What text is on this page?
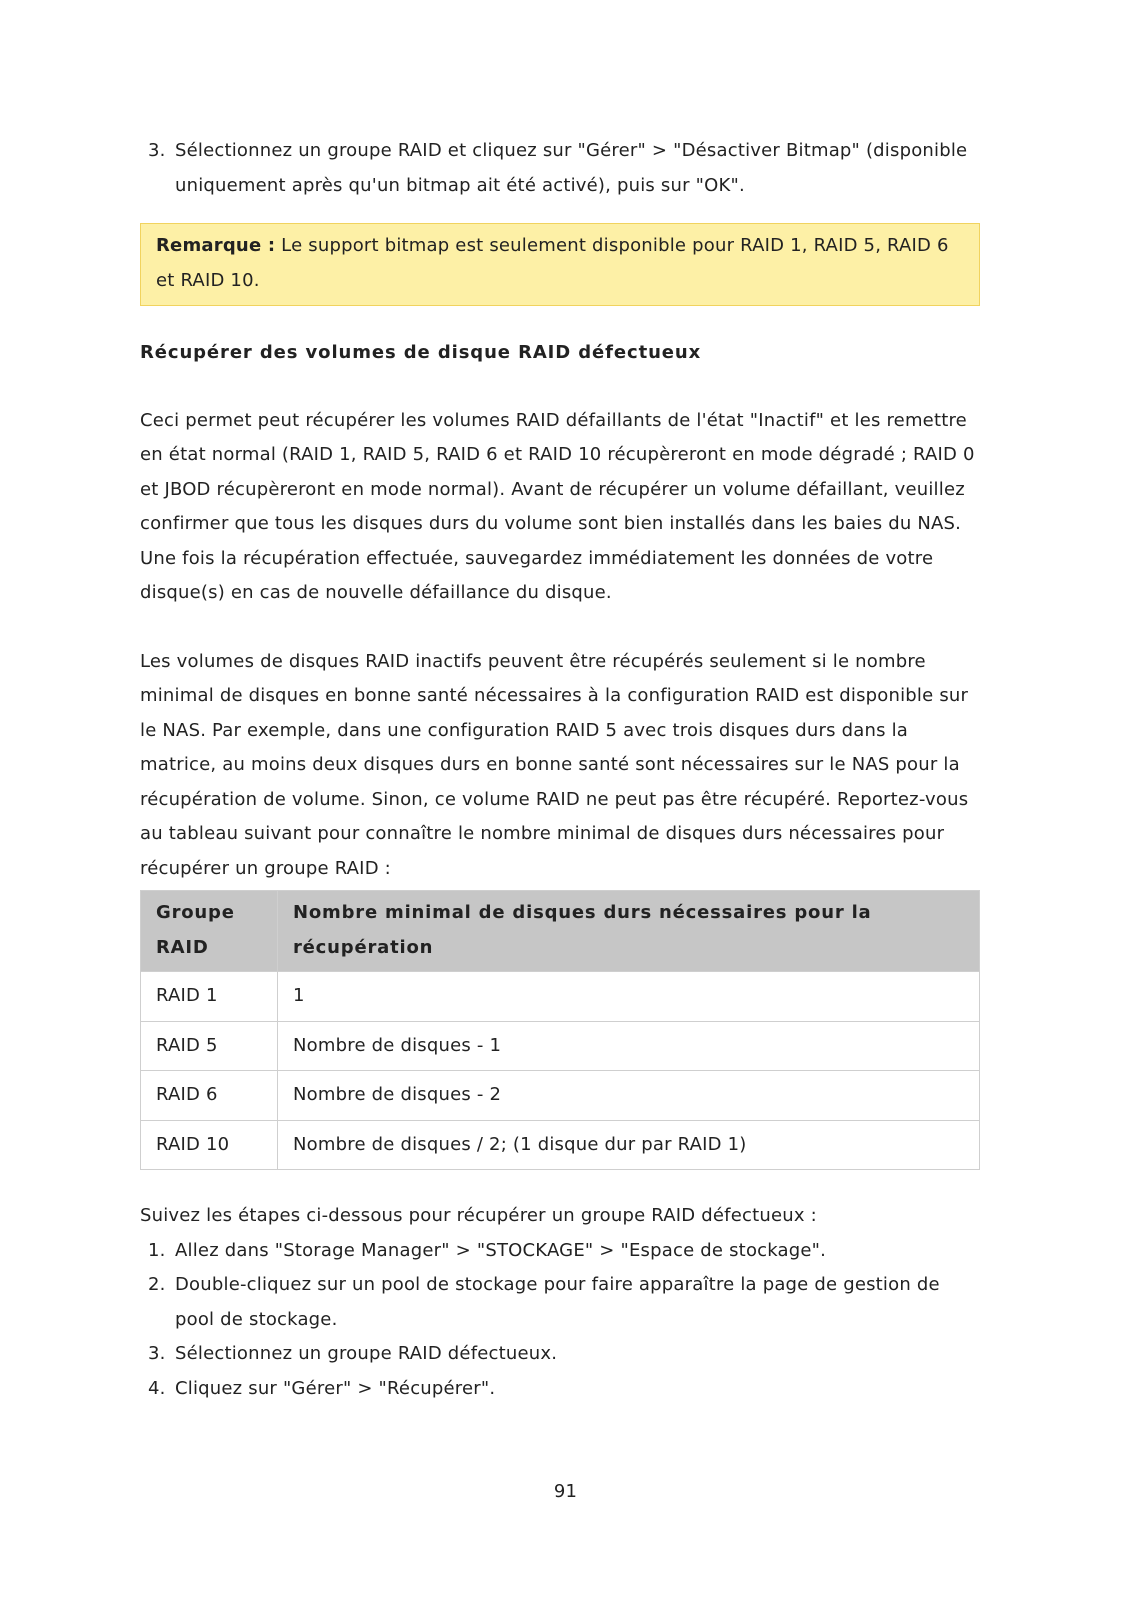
3. Sélectionnez un groupe RAID et cliquez sur "Gérer" > "Désactiver Bitmap" (disponible uniquement après qu'un bitmap ait été activé), puis sur "OK".
Remarque : Le support bitmap est seulement disponible pour RAID 1, RAID 5, RAID 6 et RAID 10.
Récupérer des volumes de disque RAID défectueux
Ceci permet peut récupérer les volumes RAID défaillants de l'état "Inactif" et les remettre en état normal (RAID 1, RAID 5, RAID 6 et RAID 10 récupèreront en mode dégradé ; RAID 0 et JBOD récupèreront en mode normal). Avant de récupérer un volume défaillant, veuillez confirmer que tous les disques durs du volume sont bien installés dans les baies du NAS. Une fois la récupération effectuée, sauvegardez immédiatement les données de votre disque(s) en cas de nouvelle défaillance du disque.
Les volumes de disques RAID inactifs peuvent être récupérés seulement si le nombre minimal de disques en bonne santé nécessaires à la configuration RAID est disponible sur le NAS. Par exemple, dans une configuration RAID 5 avec trois disques durs dans la matrice, au moins deux disques durs en bonne santé sont nécessaires sur le NAS pour la récupération de volume. Sinon, ce volume RAID ne peut pas être récupéré. Reportez-vous au tableau suivant pour connaître le nombre minimal de disques durs nécessaires pour récupérer un groupe RAID :
Groupe RAID	Nombre minimal de disques durs nécessaires pour la récupération
RAID 1	1
RAID 5	Nombre de disques - 1
RAID 6	Nombre de disques - 2
RAID 10	Nombre de disques / 2; (1 disque dur par RAID 1)
Suivez les étapes ci-dessous pour récupérer un groupe RAID défectueux :
1. Allez dans "Storage Manager" > "STOCKAGE" > "Espace de stockage".
2. Double-cliquez sur un pool de stockage pour faire apparaître la page de gestion de pool de stockage.
3. Sélectionnez un groupe RAID défectueux.
4. Cliquez sur "Gérer" > "Récupérer".
91
